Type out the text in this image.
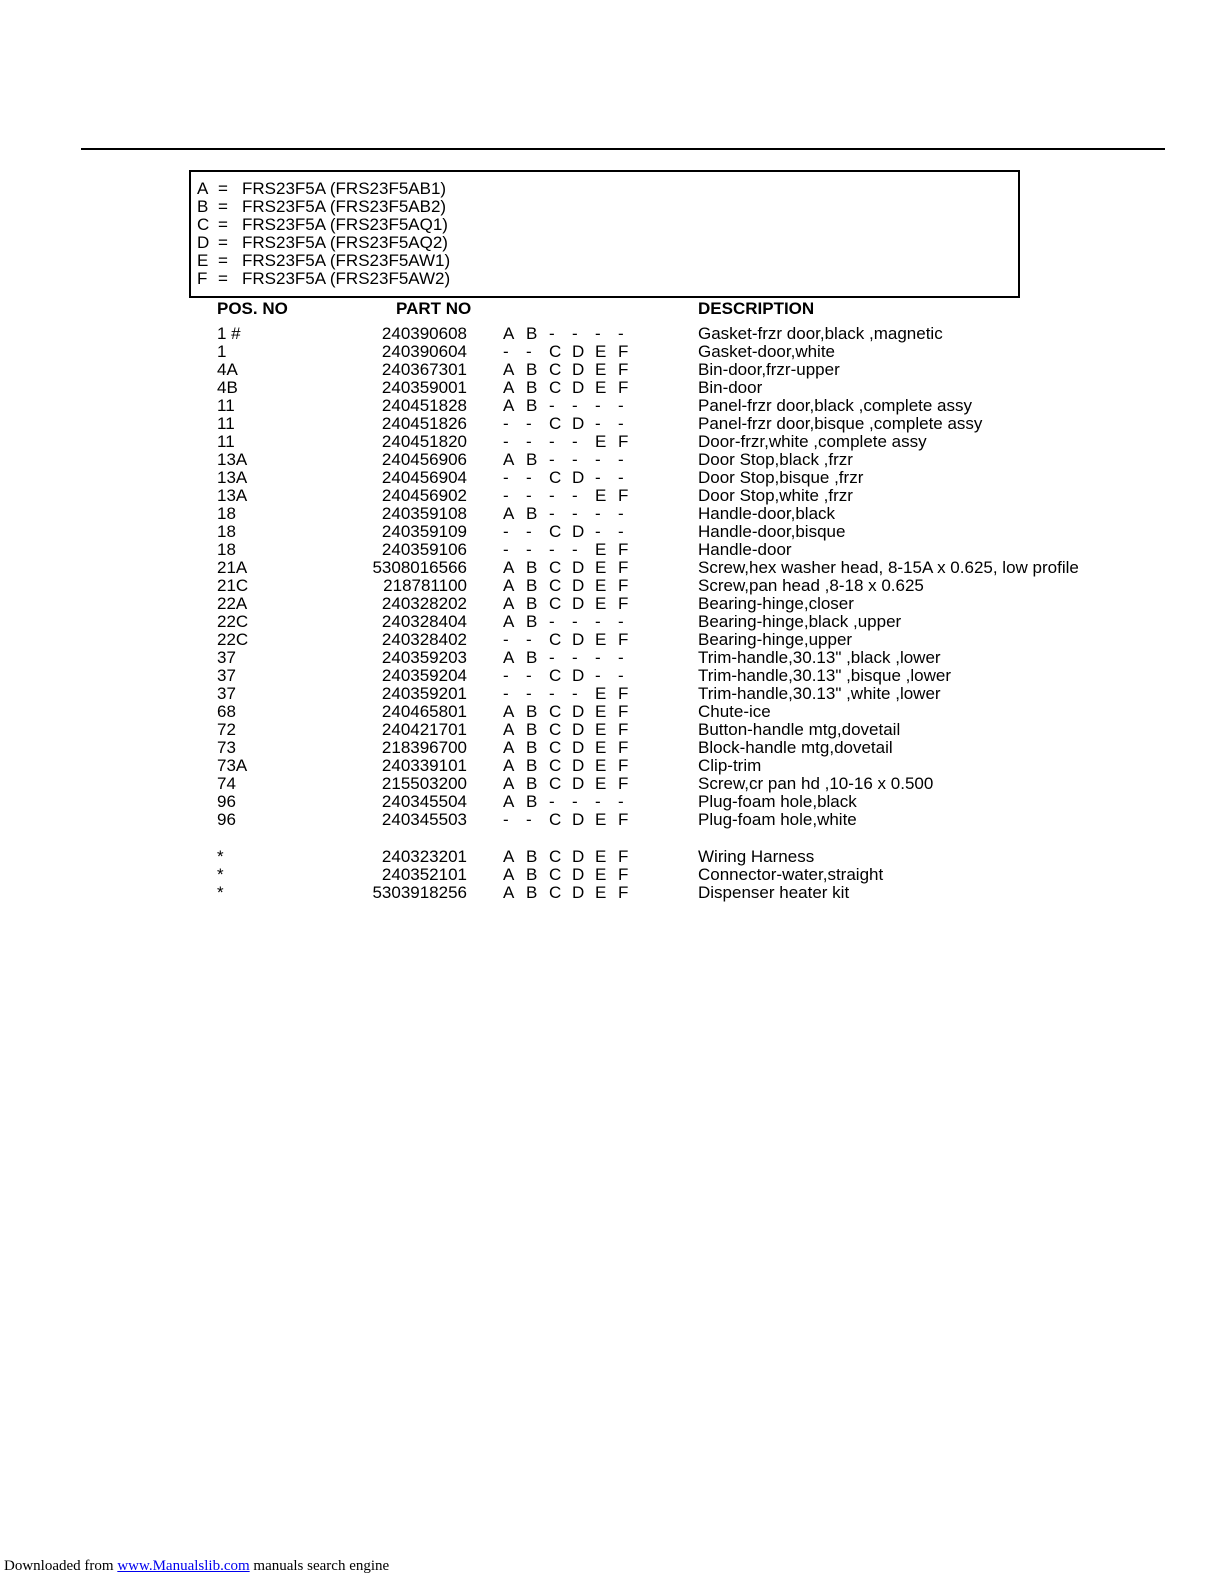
A = FRS23F5A (FRS23F5AB1)
B = FRS23F5A (FRS23F5AB2)
C = FRS23F5A (FRS23F5AQ1)
D = FRS23F5A (FRS23F5AQ2)
E = FRS23F5A (FRS23F5AW1)
F = FRS23F5A (FRS23F5AW2)
POS. NO	PART NO	DESCRIPTION
1 #	240390608 A B -	-	-	-	Gasket-frzr door,black ,magnetic
1	240390604 -	-	C D E F	Gasket-door,white
4A	240367301 A B C D E F	Bin-door,frzr-upper
4B	240359001 A B C D E F	Bin-door
11	240451828 A B -	-	-	-	Panel-frzr door,black ,complete assy
11	240451826 -	-	C D -	-	Panel-frzr door,bisque ,complete assy
11	240451820 -	-	-	-	E F	Door-frzr,white ,complete assy
13A	240456906 A B -	-	-	-	Door Stop,black ,frzr
13A	240456904 -	-	C D -	-	Door Stop,bisque ,frzr
13A	240456902 -	-	-	-	E F	Door Stop,white ,frzr
18	240359108 A B -	-	-	-	Handle-door,black
18	240359109 -	-	C D -	-	Handle-door,bisque
18	240359106 -	-	-	-	E F	Handle-door
21A	5308016566 A B C D E F	Screw,hex washer head, 8-15A x 0.625, low profile
21C	218781100 A B C D E F	Screw,pan head ,8-18 x 0.625
22A	240328202 A B C D E F	Bearing-hinge,closer
22C	240328404 A B -	-	-	-	Bearing-hinge,black ,upper
22C	240328402 -	-	C D E F	Bearing-hinge,upper
37	240359203 A B -	-	-	-	Trim-handle,30.13" ,black ,lower
37	240359204 -	-	C D -	-	Trim-handle,30.13" ,bisque ,lower
37	240359201 -	-	-	-	E F	Trim-handle,30.13" ,white ,lower
68	240465801 A B C D E F	Chute-ice
72	240421701 A B C D E F	Button-handle mtg,dovetail
73	218396700 A B C D E F	Block-handle mtg,dovetail
73A	240339101 A B C D E F	Clip-trim
74	215503200 A B C D E F	Screw,cr pan hd ,10-16 x 0.500
96	240345504 A B -	-	-	-	Plug-foam hole,black
96	240345503 -	-	C D E F	Plug-foam hole,white
*	240323201 A B C D E F	Wiring Harness
*	240352101 A B C D E F	Connector-water,straight
*	5303918256 A B C D E F	Dispenser heater kit
Downloaded from www.Manualslib.com manuals search engine
